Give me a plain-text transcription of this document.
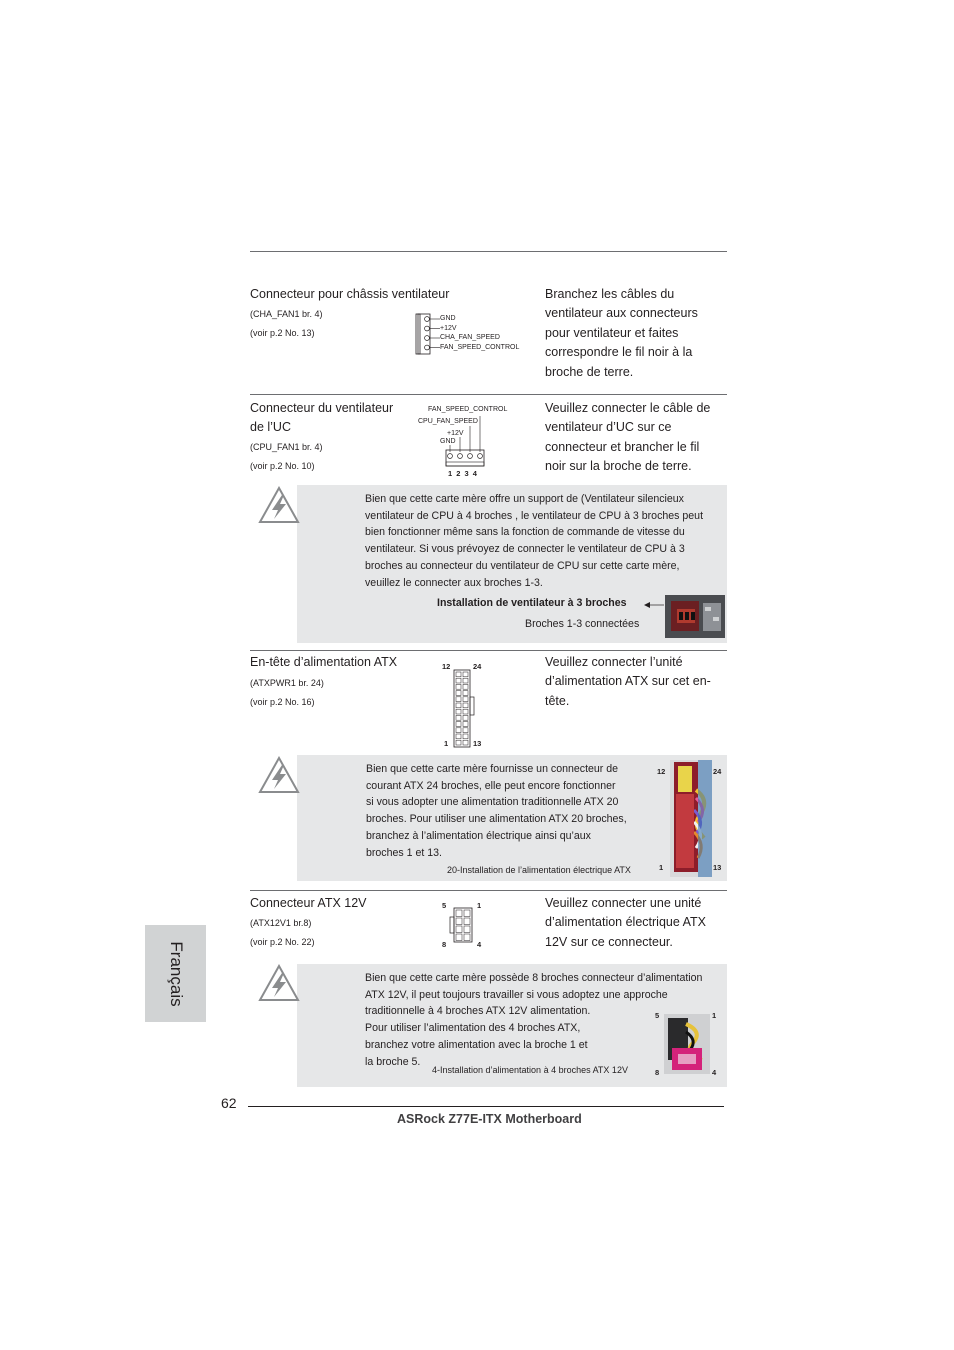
Connecteur pour châssis ventilateur
(CHA_FAN1 br. 4)
(voir p.2 No. 13)
GND
+12V
CHA_FAN_SPEED
FAN_SPEED_CONTROL
Branchez les câbles du
ventilateur aux connecteurs
pour ventilateur et faites
correspondre le fil noir à la
broche de terre.
Connecteur du ventilateur
de l’UC
(CPU_FAN1 br. 4)
(voir p.2 No. 10)
FAN_SPEED_CONTROL
CPU_FAN_SPEED
+12V
GND
1 2 3 4
Veuillez connecter le câble de
ventilateur d’UC sur ce
connecteur et brancher le fil
noir sur la broche de terre.
Bien que cette carte mère offre un support de (Ventilateur silencieux
ventilateur de CPU à 4 broches , le ventilateur de CPU à 3 broches peut
bien fonctionner même sans la fonction de commande de vitesse du
ventilateur. Si vous prévoyez de connecter le ventilateur de CPU à 3
broches au connecteur du ventilateur de CPU sur cette carte mère,
veuillez le connecter aux broches 1-3.
Installation de ventilateur à 3 broches
Broches 1-3 connectées
En-tête d’alimentation ATX
(ATXPWR1 br. 24)
(voir p.2 No. 16)
12	24
1	13
Veuillez connecter l’unité
d’alimentation ATX sur cet en-
tête.
Bien que cette carte mère fournisse un connecteur de
courant ATX 24 broches, elle peut encore fonctionner
si vous adopter une alimentation traditionnelle ATX 20
broches. Pour utiliser une alimentation ATX 20 broches,
branchez à l’alimentation électrique ainsi qu’aux
broches 1 et 13.
20-Installation de l’alimentation électrique ATX
12	24
1	13
Connecteur ATX 12V
(ATX12V1 br.8)
(voir p.2 No. 22)
5	1
8	4
Veuillez connecter une unité
d’alimentation électrique ATX
12V sur ce connecteur.
Bien que cette carte mère possède 8 broches connecteur d’alimentation
ATX 12V, il peut toujours travailler si vous adoptez une approche
traditionnelle à 4 broches ATX 12V alimentation.
Pour utiliser l’alimentation des 4 broches ATX,
branchez votre alimentation avec la broche 1 et
la broche 5.
4-Installation d’alimentation à 4 broches ATX 12V
5	1
8	4
Français
62
ASRock Z77E-ITX Motherboard
